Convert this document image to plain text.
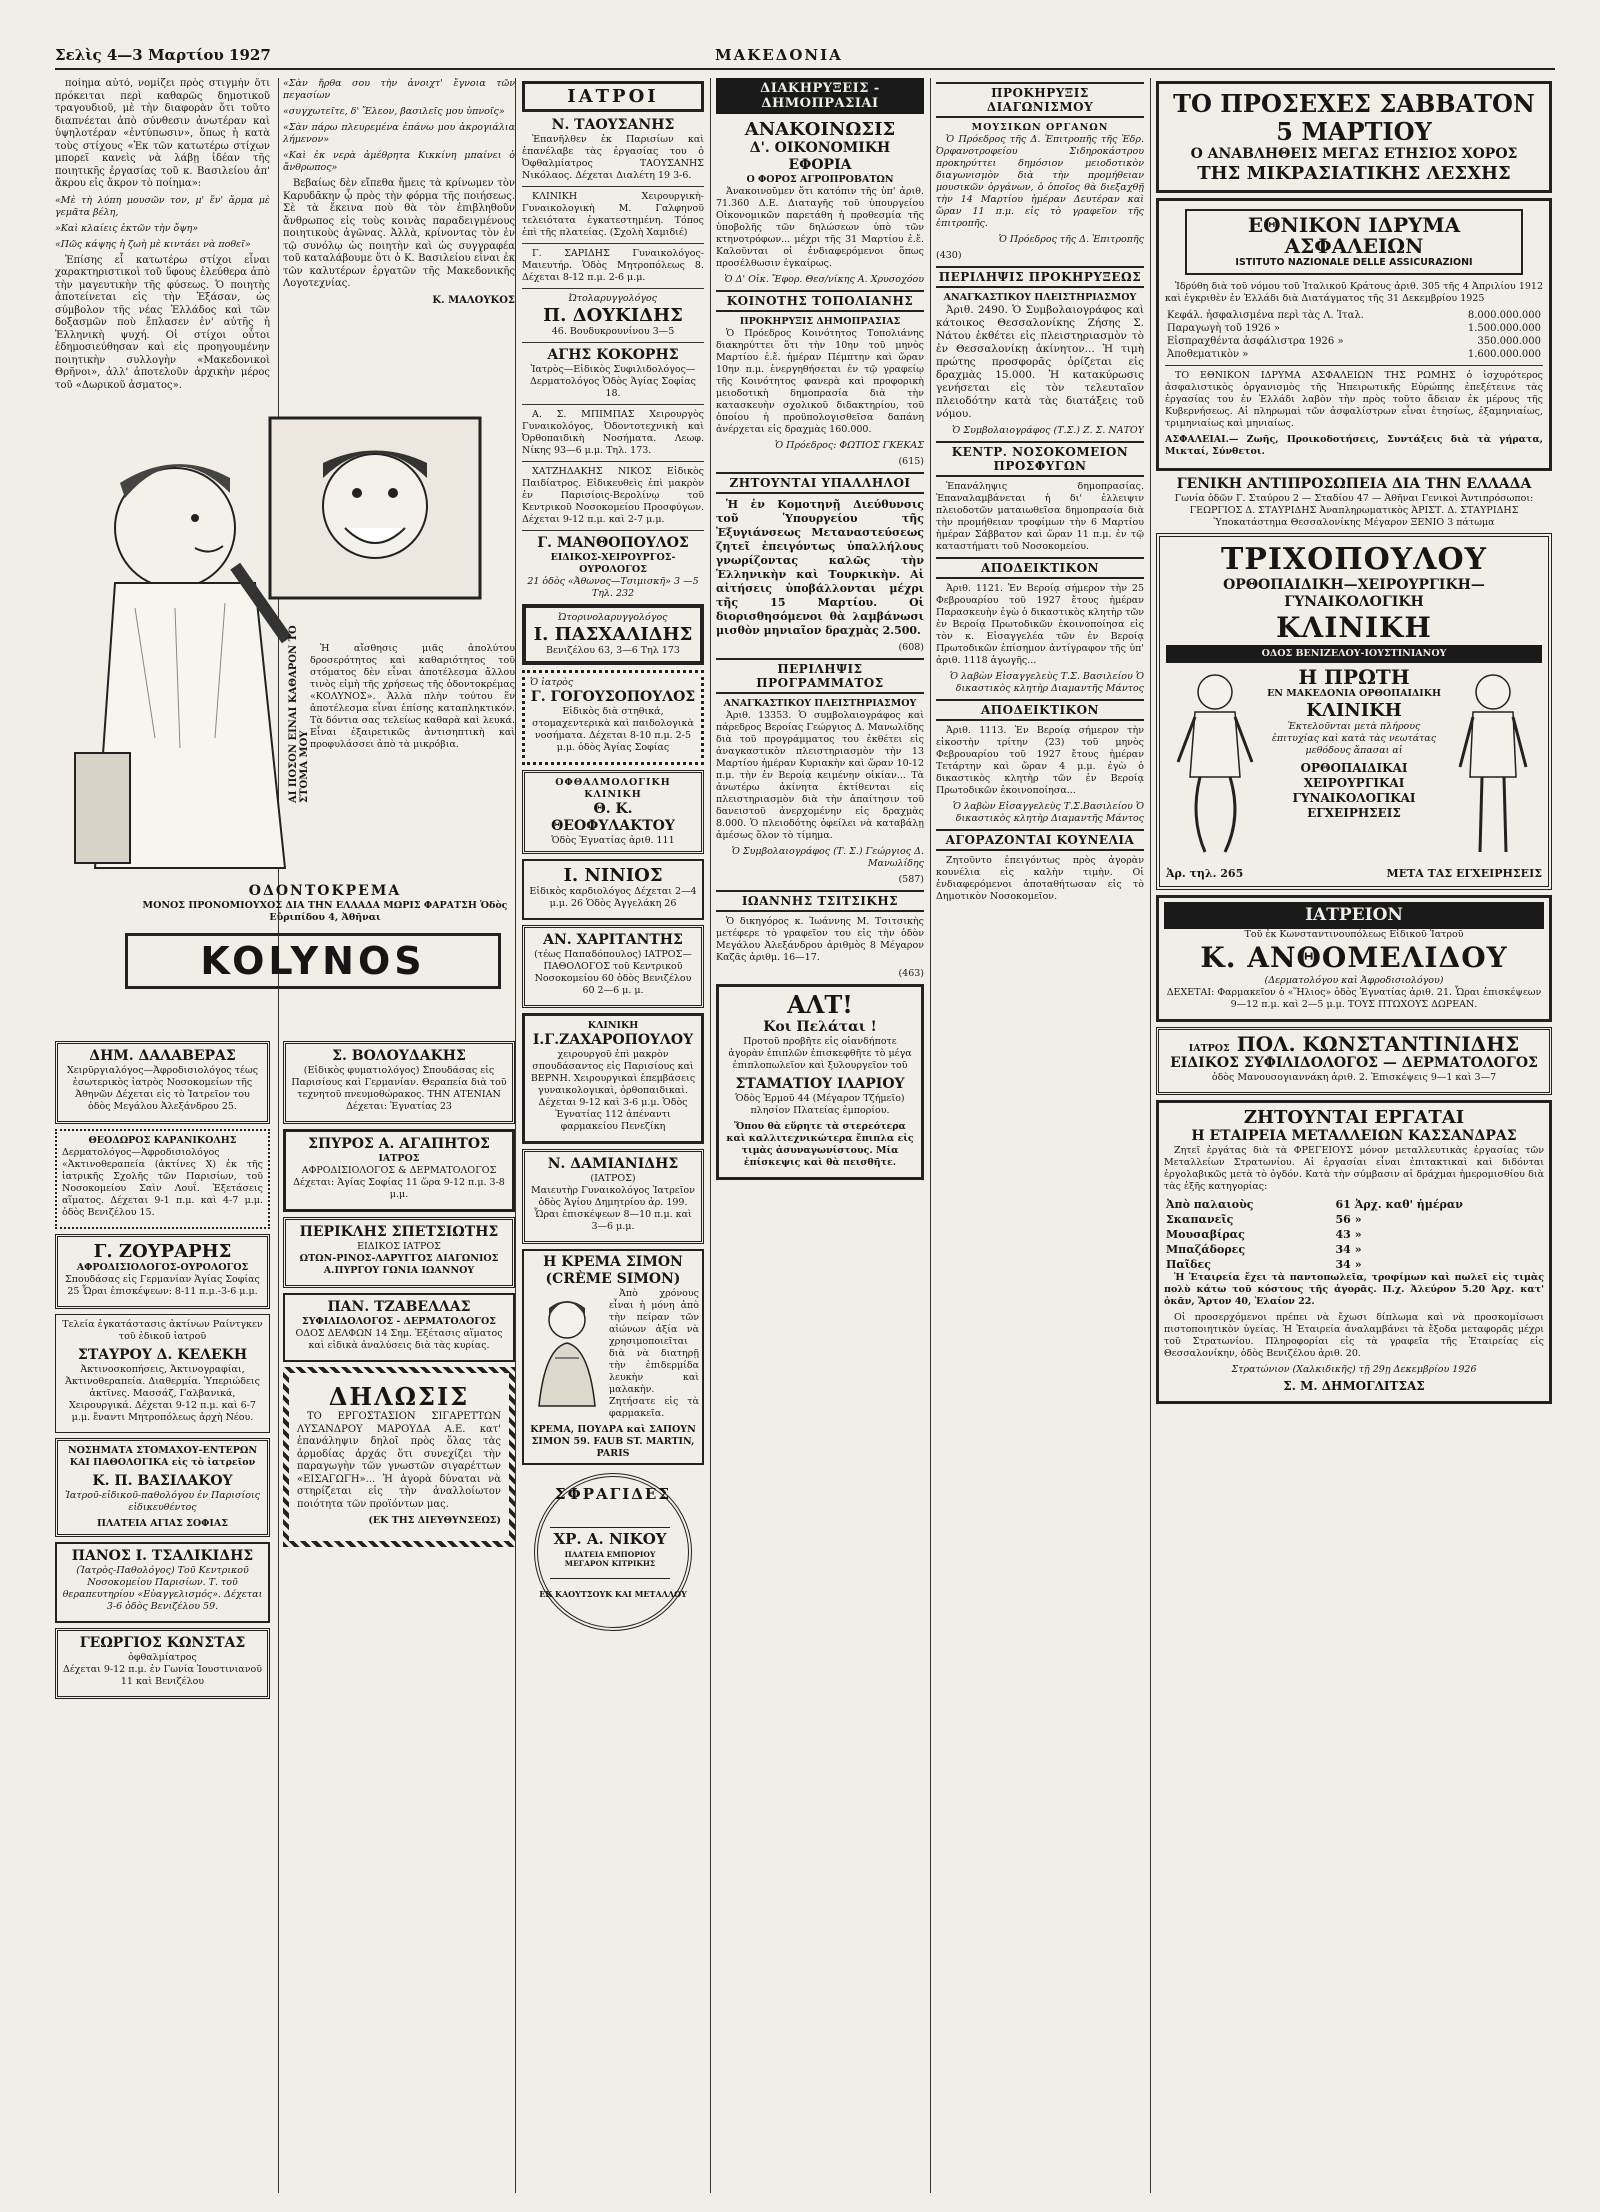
Σελὶς 4—3 Μαρτίου 1927	ΜΑΚΕΔΟΝΙΑ

ποίημα αὐτό, νομίζει πρὸς στιγμὴν ὅτι πρόκειται περὶ καθαρῶς δημοτικοῦ τραγουδιοῦ, μὲ τὴν διαφορὰν ὅτι τοῦτο διαπνέεται ἀπὸ σύνθεσιν ἀνωτέραν καὶ ὑψηλοτέραν «ἐντύπωσιν», ὅπως ἡ κατὰ τοὺς στίχους «Ἐκ τῶν κατωτέρω στίχων μπορεῖ κανεὶς νὰ λάβῃ ἰδέαν τῆς ποιητικῆς ἐργασίας τοῦ κ. Βασιλείου ἀπ' ἄκρου εἰς ἄκρον τὸ ποίημα»:

«Μὲ τὴ λύπη μουσῶν τον, μ' ἕν' ἄρμα μὲ γεμᾶτα βέλη,

»Καὶ κλαίεις ἐκτῶν τὴν ὄψη»

«Πῶς κάψης ἡ ζωὴ μὲ κιντάει νὰ ποθεῖ»

Ἐπίσης εἶ κατωτέρω στίχοι εἶναι χαρακτηριστικοὶ τοῦ ὕφους ἐλεύθερα ἀπὸ τὴν μαγευτικὴν τῆς φύσεως. Ὁ ποιητὴς ἀποτείνεται εἰς τὴν Ἑξάσαν, ὡς σύμβολον τῆς νέας Ἑλλάδος καὶ τῶν δοξασμῶν ποὺ ἔπλασεν ἐν' αὐτῆς ἡ Ἑλληνικὴ ψυχή. Οἱ στίχοι οὗτοι ἐδημοσιεύθησαν καὶ εἰς προηγουμένην ποιητικὴν συλλογὴν «Μακεδονικοὶ Θρῆνοι», ἀλλ' ἀποτελοῦν ἀρχικὴν μέρος τοῦ «Δωρικοῦ ἀσματος».

«Σὰν ἤρθα σου τὴν ἀνοιχτ' ἔγνοια τῶν πεγασίων

«συγχωτεῖτε, δ' Ἔλεον, βασιλεῖς μου ὑπνοῖς»

«Σὰν πάρω πλευρεμένα ἐπάνω μου ἀκρογιάλια λήμενον»

«Καὶ ἐκ νερὰ ἀμέθρητα Κικκίνη μπαίνει ὁ ἄνθρωπος»

Βεβαίως δὲν εἴπεθα ἤμεις τὰ κρίνωμεν τὸν Καρυδᾶκην ᾧ πρὸς τὴν φόρμα τῆς ποιήσεως. Σὲ τὰ ἔκεινα ποὺ θὰ τὸν ἐπιβληθοῦν ἄνθρωπος εἰς τοὺς κοινὰς παραδειγμένους ποιητικοὺς ἀγῶνας. Ἀλλὰ, κρίνοντας τὸν ἐν τῷ συνόλῳ ὡς ποιητὴν καὶ ὡς συγγραφέα τοῦ καταλάβουμε ὅτι ὁ Κ. Βασιλείου εἶναι ἐκ τῶν καλυτέρων ἐργατῶν τῆς Μακεδονικῆς Λογοτεχνίας.

Κ. ΜΑΛΟΥΚΟΣ

ΑΙ ΠΟΣΟΝ ΕΙΝΑΙ ΚΑΘΑΡΟΝ ΤΟ ΣΤΟΜΑ ΜΟΥ

Ἡ αἴσθησις μιᾶς ἀπολύτου δροσερότητος καὶ καθαριότητος τοῦ στόματος δὲν εἶναι ἀποτέλεσμα ἄλλου τινὸς εἰμὴ τῆς χρήσεως τῆς ὀδοντοκρέμας «ΚΟΛΥΝΟΣ». Ἀλλὰ πλὴν τούτου ἕν ἀποτέλεσμα εἶναι ἐπίσης καταπληκτικόν. Τὰ δόντια σας τελείως καθαρὰ καὶ λευκά. Εἶναι ἐξαιρετικῶς ἀντισηπτικὴ καὶ προφυλάσσει ἀπὸ τὰ μικρόβια.

ΟΔΟΝΤΟΚΡΕΜΑ
ΜΟΝΟΣ ΠΡΟΝΟΜΙΟΥΧΟΣ ΔΙΑ ΤΗΝ ΕΛΛΑΔΑ ΜΩΡΙΣ ΦΑΡΑΤΣΗ Ὁδὸς Εὐριπίδου 4, Ἀθῆναι
KOLYNOS
ΔΗΜ. ΔΑΛΑΒΕΡΑΣ

Χειρῦργιαλόγος—Ἀφροδισιολόγος τέως ἐσωτερικὸς ἰατρὸς Νοσοκομείων τῆς Ἀθηνῶν Δέχεται εἰς τὸ Ἰατρεῖον του ὁδὸς Μεγάλου Ἀλεξάνδρου 25.

ΘΕΟΔΩΡΟΣ ΚΑΡΑΝΙΚΟΛΗΣ

Δερματολόγος—Ἀφροδισιολόγος «Ἀκτινοθεραπεία (ἀκτίνες Χ) ἐκ τῆς ἰατρικῆς Σχολῆς τῶν Παρισίων, τοῦ Νοσοκομείου Σαὶν Λουΐ. Ἐξετάσεις αἵματος. Δέχεται 9-1 π.μ. καὶ 4-7 μ.μ. ὁδὸς Βενιζέλου 15.

Γ. ΖΟΥΡΑΡΗΣ
ΑΦΡΟΔΙΣΙΟΛΟΓΟΣ-ΟΥΡΟΛΟΓΟΣ

Σπουδάσας εἰς Γερμανίαν Ἁγίας Σοφίας 25 Ὧραι ἐπισκέψεων: 8-11 π.μ.-3-6 μ.μ.

Τελεία ἐγκατάστασις ἀκτίνων Ραίντγκεν τοῦ ἐδικοῦ ἰατροῦ

ΣΤΑΥΡΟΥ Δ. ΚΕΛΕΚΗ

Ἀκτινοσκοπήσεις, Ἀκτινογραφίαι, Ἀκτινοθεραπεία. Διαθερμία. Ὑπεριώδεις ἀκτῖνες. Μασσάζ, Γαλβανικά, Χειρουργικά. Δέχεται 9-12 π.μ. καὶ 6-7 μ.μ. ἔναντι Μητροπόλεως ἀρχὴ Νέου.

ΝΟΣΗΜΑΤΑ ΣΤΟΜΑΧΟΥ-ΕΝΤΕΡΩΝ ΚΑΙ ΠΑΘΟΛΟΓΙΚΑ εἰς τὸ ἰατρεῖον

Κ. Π. ΒΑΣΙΛΑΚΟΥ

Ἰατροῦ-εἰδικοῦ-παθολόγου ἐν Παρισίοις εἰδικευθέντος

ΠΛΑΤΕΙΑ ΑΓΙΑΣ ΣΟΦΙΑΣ
ΠΑΝΟΣ Ι. ΤΣΑΛΙΚΙΔΗΣ

(Ἰατρὸς-Παθολόγος) Τοῦ Κεντρικοῦ Νοσοκομείου Παρισίων. Τ. τοῦ θεραπευτηρίου «Εὐαγγελισμός». Δέχεται 3-6 ὁδὸς Βενιζέλου 59.

ΓΕΩΡΓΙΟΣ ΚΩΝΣΤΑΣ
ὀφθαλμίατρος

Δέχεται 9-12 π.μ. ἐν Γωνία Ἰουστινιανοῦ 11 καὶ Βενιζέλου

Σ. ΒΟΛΟΥΔΑΚΗΣ

(Εἰδικὸς φυματιολόγος) Σπουδάσας εἰς Παρισίους καὶ Γερμανίαν. Θεραπεία διὰ τοῦ τεχνητοῦ πνευμοθώρακος. ΤΗΝ ΑΤΕΝΙΑΝ Δέχεται: Ἐγνατίας 23

ΣΠΥΡΟΣ Α. ΑΓΑΠΗΤΟΣ
ΙΑΤΡΟΣ

ΑΦΡΟΔΙΣΙΟΛΟΓΟΣ & ΔΕΡΜΑΤΟΛΟΓΟΣ Δέχεται: Ἁγίας Σοφίας 11 ὥρα 9-12 π.μ. 3-8 μ.μ.

ΠΕΡΙΚΛΗΣ ΣΠΕΤΣΙΩΤΗΣ
ΕΙΔΙΚΟΣ ΙΑΤΡΟΣ

ΩΤΩΝ-ΡΙΝΟΣ-ΛΑΡΥΓΓΟΣ ΔΙΑΓΩΝΙΟΣ Α.ΠΥΡΓΟΥ ΓΩΝΙΑ ΙΩΑΝΝΟΥ

ΠΑΝ. ΤΖΑΒΕΛΛΑΣ
ΣΥΦΙΛΙΔΟΛΟΓΟΣ - ΔΕΡΜΑΤΟΛΟΓΟΣ

ΟΔΟΣ ΔΕΛΦΩΝ 14 Σημ. Ἐξέτασις αἵματος καὶ εἰδικὰ ἀναλύσεις διὰ τὰς κυρίας.

ΔΗΛΩΣΙΣ

ΤΟ ΕΡΓΟΣΤΑΣΙΟΝ ΣΙΓΑΡΕΤΤΩΝ ΛΥΣΑΝΔΡΟΥ ΜΑΡΟΥΔΑ Α.Ε. κατ' ἐπανάληψιν δηλοῖ πρὸς ὅλας τὰς ἀρμοδίας ἀρχάς ὅτι συνεχίζει τὴν παραγωγὴν τῶν γνωστῶν σιγαρέττων «ΕΙΣΑΓΩΓΗ»... Ἡ ἀγορὰ δύναται νὰ στηρίζεται εἰς τὴν ἀναλλοίωτον ποιότητα τῶν προϊόντων μας.

(ΕΚ ΤΗΣ ΔΙΕΥΘΥΝΣΕΩΣ)

ΙΑΤΡΟΙ
Ν. ΤΑΟΥΣΑΝΗΣ

Ἐπανῆλθεν ἐκ Παρισίων καὶ ἐπανέλαβε τὰς ἐργασίας του ὁ Ὀφθαλμίατρος ΤΑΟΥΣΑΝΗΣ Νικόλαος. Δέχεται Διαλέτη 19 3-6.

ΚΛΙΝΙΚΗ Χειρουργικὴ-Γυναικολογικὴ Μ. Γαλφηνοῦ τελειότατα ἐγκατεστημένη. Τόπος ἐπὶ τῆς πλατείας. (Σχολὴ Χαμιδιέ)

Γ. ΣΑΡΙΔΗΣ Γυναικολόγος-Μαιευτήρ. Ὁδὸς Μητροπόλεως 8. Δέχεται 8-12 π.μ. 2-6 μ.μ.

Ὠτολαρυγγολόγος
Π. ΔΟΥΚΙΔΗΣ
46. Βουδυκρουνίνου 3—5
ΑΓΗΣ ΚΟΚΟΡΗΣ

Ἰατρὸς—Εἰδικὸς Συφιλιδολόγος—Δερματολόγος Ὁδὸς Ἁγίας Σοφίας 18.

Α. Σ. ΜΠΙΜΠΑΣ Χειρουργὸς Γυναικολόγος, Ὀδοντοτεχνικὴ καὶ Ὀρθοπαιδικὴ Νοσήματα. Λεωφ. Νίκης 93—6 μ.μ. Τηλ. 173.

ΧΑΤΖΗΔΑΚΗΣ ΝΙΚΟΣ Εἰδικὸς Παιδίατρος. Εἰδικευθεὶς ἐπὶ μακρὸν ἐν Παρισίοις-Βερολίνῳ τοῦ Κεντρικοῦ Νοσοκομείου Προσφύγων. Δέχεται 9-12 π.μ. καὶ 2-7 μ.μ.

Γ. ΜΑΝΘΟΠΟΥΛΟΣ
ΕΙΔΙΚΟΣ-ΧΕΙΡΟΥΡΓΟΣ-ΟΥΡΟΛΟΓΟΣ

21 ὁδὸς «Ἀθωνος—Τσιμισκῆ» 3 —5 Τηλ. 232

Ὠτορινολαρυγγολόγος
Ι. ΠΑΣΧΑΛΙΔΗΣ
Βενιζέλου 63, 3—6 Τηλ 173
Ὁ ἰατρὸς
Γ. ΓΟΓΟΥΣΟΠΟΥΛΟΣ

Εἰδικὸς διὰ στηθικά, στομαχεντερικὰ καὶ παιδολογικὰ νοσήματα. Δέχεται 8-10 π.μ. 2-5 μ.μ. ὁδὸς Ἁγίας Σοφίας

ΟΦΘΑΛΜΟΛΟΓΙΚΗ ΚΛΙΝΙΚΗ
Θ. Κ. ΘΕΟΦΥΛΑΚΤΟΥ
Ὁδὸς Ἐγνατίας ἀριθ. 111
Ι. ΝΙΝΙΟΣ

Εἰδικὸς καρδιολόγος Δέχεται 2—4 μ.μ. 26 Ὁδὸς Ἀγγελάκη 26

ΑΝ. ΧΑΡΙΤΑΝΤΗΣ

(τέως Παπαδόπουλος) ΙΑΤΡΟΣ—ΠΑΘΟΛΟΓΟΣ τοῦ Κεντρικοῦ Νοσοκομείου 60 ὁδὸς Βενιζέλου 60 2—6 μ. μ.

ΚΛΙΝΙΚΗ
Ι.Γ.ΖΑΧΑΡΟΠΟΥΛΟΥ

χειρουργοῦ ἐπὶ μακρὸν σπουδάσαντος εἰς Παρισίους καὶ ΒΕΡΝΗ. Χειρουργικαὶ ἐπεμβάσεις γυναικολογικαὶ, ὀρθοπαιδικαὶ. Δέχεται 9-12 καὶ 3-6 μ.μ. Ὁδὸς Ἐγνατίας 112 ἀπέναντι φαρμακείου Πενεζίκη

Ν. ΔΑΜΙΑΝΙΔΗΣ
(ΙΑΤΡΟΣ)

Μαιευτὴρ Γυναικολόγος Ἰατρεῖον ὁδὸς Ἁγίου Δημητρίου ἀρ. 199. Ὧραι ἐπισκέψεων 8—10 π.μ. καὶ 3—6 μ.μ.

Η ΚΡΕΜΑ ΣΙΜΟΝ
(CRÈME SIMON)

Ἀπὸ χρόνους εἶναι ἡ μόνη ἀπὸ τὴν πείραν τῶν αἰώνων ἀξία νὰ χρησιμοποιεῖται διὰ νὰ διατηρῇ τὴν ἐπιδερμίδα λευκὴν καὶ μαλακὴν. Ζητήσατε εἰς τὰ φαρμακεῖα.

ΚΡΕΜΑ, ΠΟΥΔΡΑ καὶ ΣΑΠΟΥΝ ΣΙΜΟΝ 59. FAUB ST. MARTIN, PARIS
ΣΦΡΑΓΙΔΕΣ
ΧΡ. Α. ΝΙΚΟΥ
ΠΛΑΤΕΙΑ ΕΜΠΟΡΙΟΥ ΜΕΓΑΡΟΝ ΚΙΤΡΙΚΗΣ
ΕΚ ΚΑΟΥΤΣΟΥΚ ΚΑΙ ΜΕΤΑΛΛΟΥ
ΔΙΑΚΗΡΥΞΕΙΣ - ΔΗΜΟΠΡΑΣΙΑΙ
ΑΝΑΚΟΙΝΩΣΙΣ
Δ'. ΟΙΚΟΝΟΜΙΚΗ ΕΦΟΡΙΑ
Ο ΦΟΡΟΣ ΑΓΡΟΠΡΟΒΑΤΩΝ

Ἀνακοινοῦμεν ὅτι κατόπιν τῆς ὑπ' ἀριθ. 71.360 Δ.Ε. Διαταγῆς τοῦ ὑπουργείου Οἰκονομικῶν παρετάθη ἡ προθεσμία τῆς ὑποβολῆς τῶν δηλώσεων ὑπὸ τῶν κτηνοτρόφων... μέχρι τῆς 31 Μαρτίου ἐ.ἔ. Καλοῦνται οἱ ἐνδιαφερόμενοι ὅπως προσέλθωσιν ἐγκαίρως.

Ὁ Δ' Οἰκ. Ἔφορ. Θεσ/νίκης Α. Χρυσοχόου

ΚΟΙΝΟΤΗΣ ΤΟΠΟΛΙΑΝΗΣ
ΠΡΟΚΗΡΥΞΙΣ ΔΗΜΟΠΡΑΣΙΑΣ

Ὁ Πρόεδρος Κοινότητος Τοπολιάνης διακηρύττει ὅτι τὴν 10ην τοῦ μηνὸς Μαρτίου ἐ.ἔ. ἡμέραν Πέμπτην καὶ ὥραν 10ην π.μ. ἐνεργηθήσεται ἐν τῷ γραφείῳ τῆς Κοινότητος φανερὰ καὶ προφορικὴ μειοδοτικὴ δημοπρασία διὰ τὴν κατασκευὴν σχολικοῦ διδακτηρίου, τοῦ ὁποίου ἡ προϋπολογισθεῖσα δαπάνη ἀνέρχεται εἰς δραχμὰς 160.000.

Ὁ Πρόεδρος: ΦΩΤΙΟΣ ΓΚΕΚΑΣ

(615)

ΖΗΤΟΥΝΤΑΙ ΥΠΑΛΛΗΛΟΙ

Ἡ ἐν Κομοτηνῇ Διεύθυνσις τοῦ Ὑπουργείου τῆς Ἐξυγιάνσεως Μεταναστεύσεως ζητεῖ ἐπειγόντως ὑπαλλήλους γνωρίζοντας καλῶς τὴν Ἑλληνικὴν καὶ Τουρκικὴν. Αἱ αἰτήσεις ὑποβάλλονται μέχρι τῆς 15 Μαρτίου. Οἱ διορισθησόμενοι θὰ λαμβάνωσι μισθὸν μηνιαῖον δραχμὰς 2.500.

(608)

ΠΕΡΙΛΗΨΙΣ ΠΡΟΓΡΑΜΜΑΤΟΣ
ΑΝΑΓΚΑΣΤΙΚΟΥ ΠΛΕΙΣΤΗΡΙΑΣΜΟΥ

Ἀριθ. 13353. Ὁ συμβολαιογράφος καὶ πάρεδρος Βεροίας Γεώργιος Δ. Μανωλίδης διὰ τοῦ προγράμματος του ἐκθέτει εἰς ἀναγκαστικὸν πλειστηριασμὸν τὴν 13 Μαρτίου ἡμέραν Κυριακὴν καὶ ὥραν 10-12 π.μ. τὴν ἐν Βεροίᾳ κειμένην οἰκίαν... Τὰ ἀνωτέρω ἀκίνητα ἐκτίθενται εἰς πλειστηριασμὸν διὰ τὴν ἀπαίτησιν τοῦ δανειστοῦ ἀνερχομένην εἰς δραχμὰς 8.000. Ὁ πλειοδότης ὀφείλει νὰ καταβάλῃ ἀμέσως ὅλον τὸ τίμημα.

Ὁ Συμβολαιογράφος (Τ. Σ.) Γεώργιος Δ. Μανωλίδης

(587)

ΙΩΑΝΝΗΣ ΤΣΙΤΣΙΚΗΣ

Ὁ δικηγόρος κ. Ἰωάννης Μ. Τσιτσικὴς μετέφερε τὸ γραφεῖον του εἰς τὴν ὁδὸν Μεγάλου Ἀλεξάνδρου ἀριθμὸς 8 Μέγαρον Καζᾶς ἀριθμ. 16—17.

(463)

ΑΛΤ!
Κοι Πελάται !

Προτοῦ προβῆτε εἰς οἱανδήποτε ἀγορὰν ἐπιπλῶν ἐπισκεφθῆτε τὸ μέγα ἐπιπλοπωλεῖον καὶ ξυλουργεῖον τοῦ

ΣΤΑΜΑΤΙΟΥ ΙΛΑΡΙΟΥ

Ὁδὸς Ἑρμοῦ 44 (Μέγαρον Τζήμεῖο) πλησίον Πλατείας ἐμπορίου.

Ὅπου θὰ εὕρητε τὰ στερεότερα καὶ καλλιτεχνικώτερα ἔπιπλα εἰς τιμὰς ἀσυναγωνίστους. Μία ἐπίσκεψις καὶ θὰ πεισθῆτε.

ΠΡΟΚΗΡΥΞΙΣ ΔΙΑΓΩΝΙΣΜΟΥ
ΜΟΥΣΙΚΩΝ ΟΡΓΑΝΩΝ

Ὁ Πρόεδρος τῆς Δ. Ἐπιτροπῆς τῆς Ἑδρ. Ὀρφανοτροφείου Σιδηροκάστρου προκηρύττει δημόσιον μειοδοτικὸν διαγωνισμὸν διὰ τὴν προμήθειαν μουσικῶν ὀργάνων, ὁ ὁποῖος θὰ διεξαχθῇ τὴν 14 Μαρτίου ἡμέραν Δευτέραν καὶ ὥραν 11 π.μ. εἰς τὸ γραφεῖον τῆς ἐπιτροπῆς.

Ὁ Πρόεδρος τῆς Δ. Ἐπιτροπῆς

(430)

ΠΕΡΙΛΗΨΙΣ ΠΡΟΚΗΡΥΞΕΩΣ
ΑΝΑΓΚΑΣΤΙΚΟΥ ΠΛΕΙΣΤΗΡΙΑΣΜΟΥ

Ἀριθ. 2490. Ὁ Συμβολαιογράφος καὶ κάτοικος Θεσσαλονίκης Ζήσης Σ. Νάτου ἐκθέτει εἰς πλειστηριασμὸν τὸ ἐν Θεσσαλονίκῃ ἀκίνητον... Ἡ τιμὴ πρώτης προσφορᾶς ὁρίζεται εἰς δραχμὰς 15.000. Ἡ κατακύρωσις γενήσεται εἰς τὸν τελευταῖον πλειοδότην κατὰ τὰς διατάξεις τοῦ νόμου.

Ὁ Συμβολαιογράφος (Τ.Σ.) Ζ. Σ. ΝΑΤΟΥ

ΚΕΝΤΡ. ΝΟΣΟΚΟΜΕΙΟΝ ΠΡΟΣΦΥΓΩΝ

Ἐπανάληψις δημοπρασίας. Ἐπαναλαμβάνεται ἡ δι' ἐλλειψιν πλειοδοτῶν ματαιωθεῖσα δημοπρασία διὰ τὴν προμήθειαν τροφίμων τὴν 6 Μαρτίου ἡμέραν Σάββατον καὶ ὥραν 11 π.μ. ἐν τῷ καταστήματι τοῦ Νοσοκομείου.

ΑΠΟΔΕΙΚΤΙΚΟΝ

Ἀριθ. 1121. Ἐν Βεροίᾳ σήμερον τὴν 25 Φεβρουαρίου τοῦ 1927 ἔτους ἡμέραν Παρασκευὴν ἐγὼ ὁ δικαστικὸς κλητὴρ τῶν ἐν Βεροίᾳ Πρωτοδικῶν ἐκοινοποίησα εἰς τὸν κ. Εἰσαγγελέα τῶν ἐν Βεροίᾳ Πρωτοδικῶν ἐπίσημον ἀντίγραφον τῆς ὑπ' ἀριθ. 1118 ἀγωγῆς...

Ὁ λαβὼν Εἰσαγγελεὺς Τ.Σ. Βασιλείου Ὁ δικαστικὸς κλητὴρ Διαμαντῆς Μάντος

ΑΠΟΔΕΙΚΤΙΚΟΝ

Ἀριθ. 1113. Ἐν Βεροίᾳ σήμερον τὴν εἰκοστὴν τρίτην (23) τοῦ μηνὸς Φεβρουαρίου τοῦ 1927 ἔτους ἡμέραν Τετάρτην καὶ ὥραν 4 μ.μ. ἐγὼ ὁ δικαστικὸς κλητὴρ τῶν ἐν Βεροίᾳ Πρωτοδικῶν ἐκοινοποίησα...

Ὁ λαβὼν Εἰσαγγελεὺς Τ.Σ.Βασιλείου Ὁ δικαστικὸς κλητὴρ Διαμαντῆς Μάντος

ΑΓΟΡΑΖΟΝΤΑΙ ΚΟΥΝΕΛΙΑ

Ζητοῦντο ἐπειγόντως πρὸς ἀγορὰν κουνέλια εἰς καλὴν τιμὴν. Οἱ ἐνδιαφερόμενοι ἀποταθήτωσαν εἰς τὸ Δημοτικὸν Νοσοκομεῖον.

ΤΟ ΠΡΟΣΕΧΕΣ ΣΑΒΒΑΤΟΝ
5 ΜΑΡΤΙΟΥ
Ο ΑΝΑΒΛΗΘΕΙΣ ΜΕΓΑΣ ΕΤΗΣΙΟΣ ΧΟΡΟΣ
ΤΗΣ ΜΙΚΡΑΣΙΑΤΙΚΗΣ ΛΕΣΧΗΣ
ΕΘΝΙΚΟΝ ΙΔΡΥΜΑ ΑΣΦΑΛΕΙΩΝ
ISTITUTO NAZIONALE DELLE ASSICURAZIONI

Ἱδρύθη διὰ τοῦ νόμου τοῦ Ἰταλικοῦ Κράτους ἀριθ. 305 τῆς 4 Ἀπριλίου 1912 καὶ ἐγκριθὲν ἐν Ἑλλάδι διὰ Διατάγματος τῆς 31 Δεκεμβρίου 1925

Κεφάλ. ἠσφαλισμένα περὶ τὰς Λ. Ἰταλ.	8.000.000.000
Παραγωγὴ τοῦ 1926 »	1.500.000.000
Εἰσπραχθέντα ἀσφάλιστρα 1926 »	350.000.000
Ἀποθεματικὸν »	1.600.000.000

ΤΟ ΕΘΝΙΚΟΝ ΙΔΡΥΜΑ ΑΣΦΑΛΕΙΩΝ ΤΗΣ ΡΩΜΗΣ ὁ ἰσχυρότερος ἀσφαλιστικὸς ὀργανισμὸς τῆς Ἠπειρωτικῆς Εὐρώπης ἐπεξέτεινε τὰς ἐργασίας του ἐν Ἑλλάδι λαβὸν τὴν πρὸς τοῦτο ἄδειαν ἐκ μέρους τῆς Κυβερνήσεως. Αἱ πληρωμαὶ τῶν ἀσφαλίστρων εἶναι ἐτησίως, ἑξαμηνιαίως, τριμηνιαίως καὶ μηνιαίως.

ΑΣΦΑΛΕΙΑΙ.— Ζωῆς, Προικοδοτήσεις, Συντάξεις διὰ τὰ γήρατα, Μικταί, Σύνθετοι.

ΓΕΝΙΚΗ ΑΝΤΙΠΡΟΣΩΠΕΙΑ ΔΙΑ ΤΗΝ ΕΛΛΑΔΑ

Γωνία ὁδῶν Γ. Σταύρου 2 — Σταδίου 47 — Ἀθῆναι Γενικοὶ Ἀντιπρόσωποι: ΓΕΩΡΓΙΟΣ Δ. ΣΤΑΥΡΙΔΗΣ Ἀναπληρωματικὸς ἈΡΙΣΤ. Δ. ΣΤΑΥΡΙΔΗΣ Ὑποκατάστημα Θεσσαλονίκης Μέγαρον ΞΕΝΙΟ 3 πάτωμα

ΤΡΙΧΟΠΟΥΛΟΥ
ΟΡΘΟΠΑΙΔΙΚΗ—ΧΕΙΡΟΥΡΓΙΚΗ—ΓΥΝΑΙΚΟΛΟΓΙΚΗ
ΚΛΙΝΙΚΗ
ΟΔΟΣ ΒΕΝΙΖΕΛΟΥ-ΙΟΥΣΤΙΝΙΑΝΟΥ
Η ΠΡΩΤΗ
ΕΝ ΜΑΚΕΔΟΝΙΑ ΟΡΘΟΠΑΙΔΙΚΗ
ΚΛΙΝΙΚΗ

Ἐκτελοῦνται μετὰ πλήρους ἐπιτυχίας καὶ κατὰ τὰς νεωτάτας μεθόδους ἅπασαι αἱ

ΟΡΘΟΠΑΙΔΙΚΑΙ ΧΕΙΡΟΥΡΓΙΚΑΙ ΓΥΝΑΙΚΟΛΟΓΙΚΑΙ ΕΓΧΕΙΡΗΣΕΙΣ
Ἀρ. τηλ. 265	ΜΕΤΑ ΤΑΣ ΕΓΧΕΙΡΗΣΕΙΣ
ΙΑΤΡΕΙΟΝ
Τοῦ ἐκ Κωνσταντινουπόλεως Εἰδικοῦ Ἰατροῦ
Κ. ΑΝΘΟΜΕΛΙΔΟΥ
(Δερματολόγου καὶ Ἀφροδισιολόγου)

ΔΕΧΕΤΑΙ: Φαρμακεῖον ὁ «Ἥλιος» ὁδὸς Ἐγνατίας ἀριθ. 21. Ὧραι ἐπισκέψεων 9—12 π.μ. καὶ 2—5 μ.μ. ΤΟΥΣ ΠΤΩΧΟΥΣ ΔΩΡΕΑΝ.

ΙΑΤΡΟΣ ΠΟΛ. ΚΩΝΣΤΑΝΤΙΝΙΔΗΣ
ΕΙΔΙΚΟΣ ΣΥΦΙΛΙΔΟΛΟΓΟΣ — ΔΕΡΜΑΤΟΛΟΓΟΣ

ὁδὸς Μανουσογιαννάκη ἀριθ. 2. Ἐπισκέψεις 9—1 καὶ 3—7

ΖΗΤΟΥΝΤΑΙ ΕΡΓΑΤΑΙ
Η ΕΤΑΙΡΕΙΑ ΜΕΤΑΛΛΕΙΩΝ ΚΑΣΣΑΝΔΡΑΣ

Ζητεῖ ἐργάτας διὰ τὰ ΦΡΕΓΕΙΟΥΣ μόνον μεταλλευτικὰς ἐργασίας τῶν Μεταλλείων Στρατωνίου. Αἱ ἐργασίαι εἶναι ἐπιτακτικαὶ καὶ διδόνται ἐργολαβικῶς μετὰ τὸ ὀγδόν. Κατὰ τὴν σύμβασιν αἱ δράχμαι ἡμερομισθίου διὰ τὰς ἑξῆς κατηγορίας:

Ἀπὸ παλαιοὺς	61	Ἀρχ. καθ' ἡμέραν
Σκαπανεῖς	56	»
Μουσαβίρας	43	»
Μπαζάδορες	34	»
Παῖδες	34	»

Ἡ Ἑταιρεία ἔχει τὰ παντοπωλεῖα, τροφίμων καὶ πωλεῖ εἰς τιμὰς πολὺ κάτω τοῦ κόστους τῆς ἀγορᾶς. Π.χ. Ἀλεύρον 5.20 Ἀρχ. κατ' ὀκᾶν, Ἄρτον 40, Ἐλαίον 22.

Οἱ προσερχόμενοι πρέπει νὰ ἔχωσι δίπλωμα καὶ νὰ προσκομίσωσι πιστοποιητικὸν ὑγείας. Ἡ Ἑταιρεία ἀναλαμβάνει τὰ ἔξοδα μεταφορᾶς μέχρι τοῦ Στρατωνίου. Πληροφορίαι εἰς τὰ γραφεῖα τῆς Ἑταιρείας εἰς Θεσσαλονίκην, ὁδὸς Βενιζέλου ἀριθ. 20.

Στρατώνιον (Χαλκιδικῆς) τῇ 29ῃ Δεκεμβρίου 1926

Σ. Μ. ΔΗΜΟΓΛΙΤΣΑΣ
